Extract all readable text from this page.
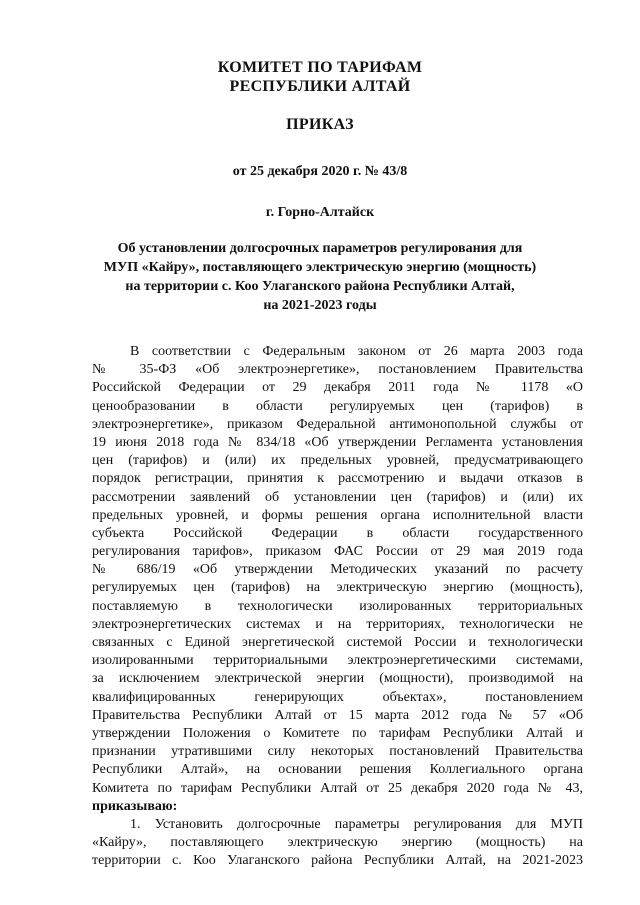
КОМИТЕТ ПО ТАРИФАМ
РЕСПУБЛИКИ АЛТАЙ
ПРИКАЗ
от 25 декабря 2020 г. № 43/8
г. Горно-Алтайск
Об установлении долгосрочных параметров регулирования для
МУП «Кайру», поставляющего электрическую энергию (мощность)
на территории с. Коо Улаганского района Республики Алтай,
на 2021-2023 годы
В соответствии с Федеральным законом от 26 марта 2003 года
№ 35-ФЗ «Об электроэнергетике», постановлением Правительства
Российской Федерации от 29 декабря 2011 года № 1178 «О
ценообразовании в области регулируемых цен (тарифов) в
электроэнергетике», приказом Федеральной антимонопольной службы от
19 июня 2018 года № 834/18 «Об утверждении Регламента установления
цен (тарифов) и (или) их предельных уровней, предусматривающего
порядок регистрации, принятия к рассмотрению и выдачи отказов в
рассмотрении заявлений об установлении цен (тарифов) и (или) их
предельных уровней, и формы решения органа исполнительной власти
субъекта Российской Федерации в области государственного
регулирования тарифов», приказом ФАС России от 29 мая 2019 года
№ 686/19 «Об утверждении Методических указаний по расчету
регулируемых цен (тарифов) на электрическую энергию (мощность),
поставляемую в технологически изолированных территориальных
электроэнергетических системах и на территориях, технологически не
связанных с Единой энергетической системой России и технологически
изолированными территориальными электроэнергетическими системами,
за исключением электрической энергии (мощности), производимой на
квалифицированных генерирующих объектах», постановлением
Правительства Республики Алтай от 15 марта 2012 года № 57 «Об
утверждении Положения о Комитете по тарифам Республики Алтай и
признании утратившими силу некоторых постановлений Правительства
Республики Алтай», на основании решения Коллегиального органа
Комитета по тарифам Республики Алтай от 25 декабря 2020 года № 43,
приказываю:
1. Установить долгосрочные параметры регулирования для МУП
«Кайру», поставляющего электрическую энергию (мощность) на
территории с. Коо Улаганского района Республики Алтай, на 2021-2023
